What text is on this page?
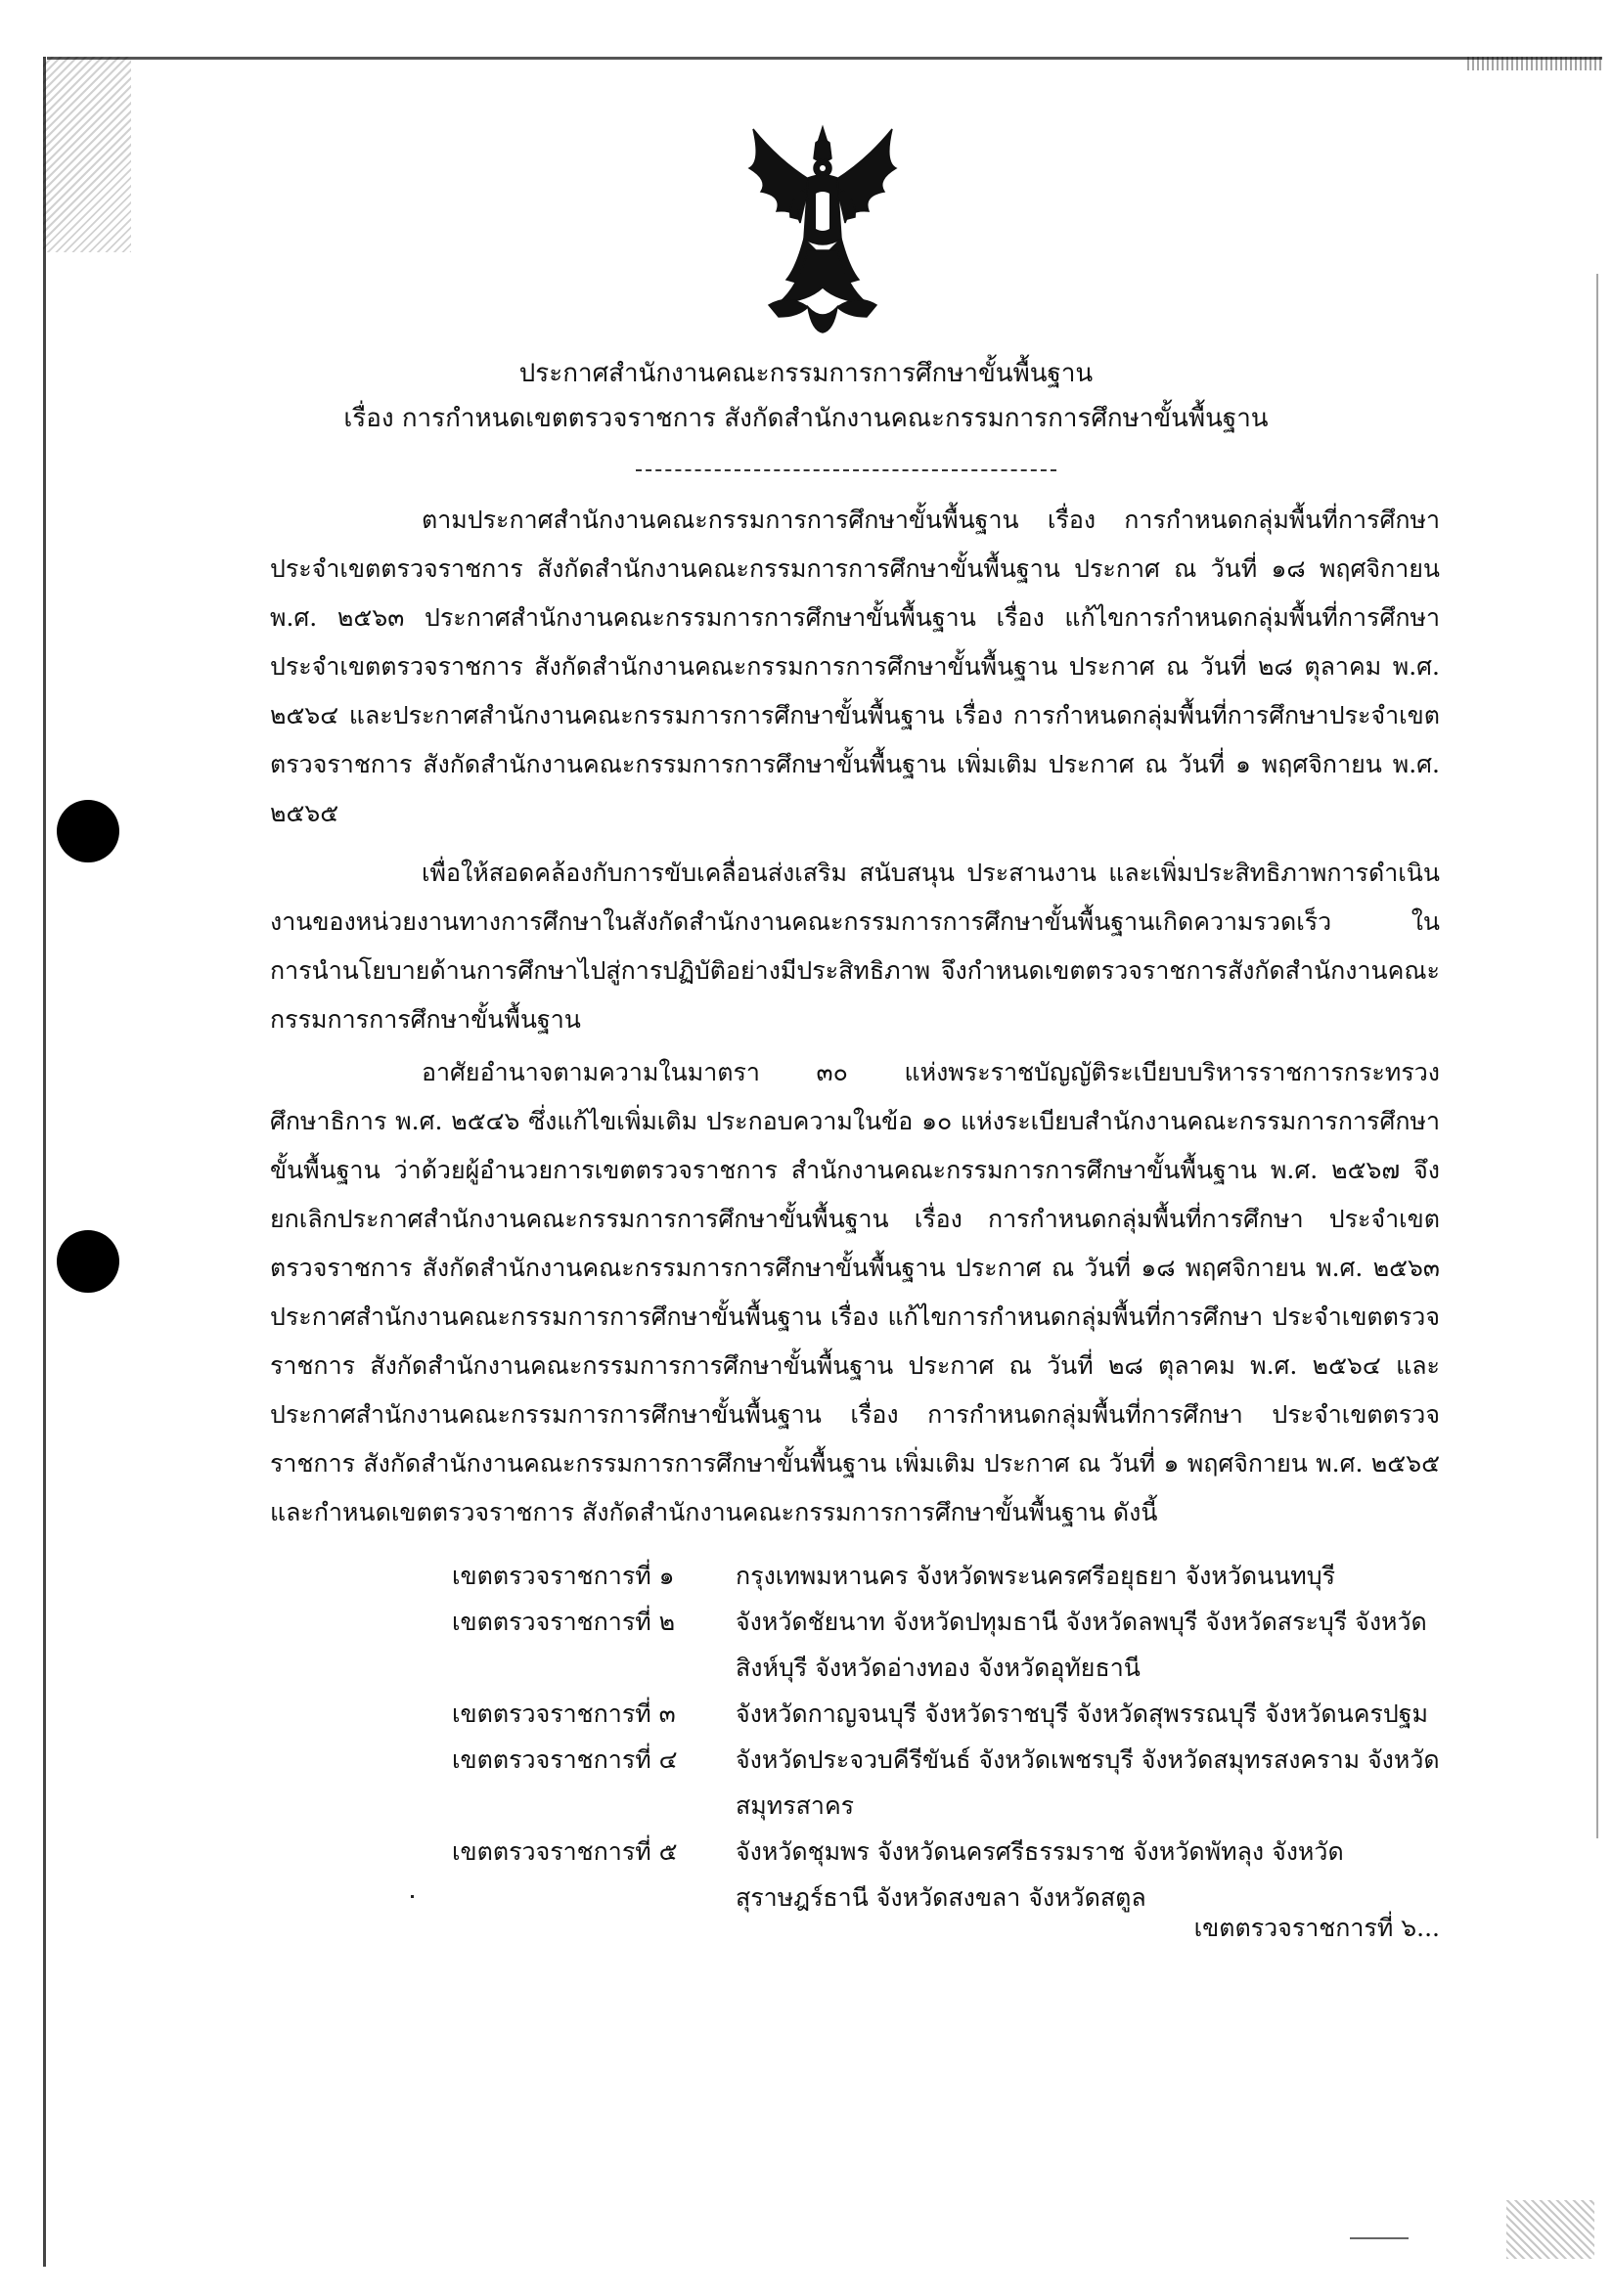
ประกาศสำนักงานคณะกรรมการการศึกษาขั้นพื้นฐาน
เรื่อง การกำหนดเขตตรวจราชการ สังกัดสำนักงานคณะกรรมการการศึกษาขั้นพื้นฐาน

ตามประกาศสำนักงานคณะกรรมการการศึกษาขั้นพื้นฐาน เรื่อง การกำหนดกลุ่มพื้นที่การศึกษาประจำเขตตรวจราชการ สังกัดสำนักงานคณะกรรมการการศึกษาขั้นพื้นฐาน ประกาศ ณ วันที่ ๑๘ พฤศจิกายน พ.ศ. ๒๕๖๓ ประกาศสำนักงานคณะกรรมการการศึกษาขั้นพื้นฐาน เรื่อง แก้ไขการกำหนดกลุ่มพื้นที่การศึกษาประจำเขตตรวจราชการ สังกัดสำนักงานคณะกรรมการการศึกษาขั้นพื้นฐาน ประกาศ ณ วันที่ ๒๘ ตุลาคม พ.ศ. ๒๕๖๔ และประกาศสำนักงานคณะกรรมการการศึกษาขั้นพื้นฐาน เรื่อง การกำหนดกลุ่มพื้นที่การศึกษาประจำเขตตรวจราชการ สังกัดสำนักงานคณะกรรมการการศึกษาขั้นพื้นฐาน เพิ่มเติม ประกาศ ณ วันที่ ๑ พฤศจิกายน พ.ศ. ๒๕๖๕

เพื่อให้สอดคล้องกับการขับเคลื่อนส่งเสริม สนับสนุน ประสานงาน และเพิ่มประสิทธิภาพการดำเนินงานของหน่วยงานทางการศึกษาในสังกัดสำนักงานคณะกรรมการการศึกษาขั้นพื้นฐานเกิดความรวดเร็ว ในการนำนโยบายด้านการศึกษาไปสู่การปฏิบัติอย่างมีประสิทธิภาพ จึงกำหนดเขตตรวจราชการสังกัดสำนักงานคณะกรรมการการศึกษาขั้นพื้นฐาน

อาศัยอำนาจตามความในมาตรา ๓๐ แห่งพระราชบัญญัติระเบียบบริหารราชการกระทรวงศึกษาธิการ พ.ศ. ๒๕๔๖ ซึ่งแก้ไขเพิ่มเติม ประกอบความในข้อ ๑๐ แห่งระเบียบสำนักงานคณะกรรมการการศึกษาขั้นพื้นฐาน ว่าด้วยผู้อำนวยการเขตตรวจราชการ สำนักงานคณะกรรมการการศึกษาขั้นพื้นฐาน พ.ศ. ๒๕๖๗ จึงยกเลิกประกาศสำนักงานคณะกรรมการการศึกษาขั้นพื้นฐาน เรื่อง การกำหนดกลุ่มพื้นที่การศึกษา ประจำเขตตรวจราชการ สังกัดสำนักงานคณะกรรมการการศึกษาขั้นพื้นฐาน ประกาศ ณ วันที่ ๑๘ พฤศจิกายน พ.ศ. ๒๕๖๓ ประกาศสำนักงานคณะกรรมการการศึกษาขั้นพื้นฐาน เรื่อง แก้ไขการกำหนดกลุ่มพื้นที่การศึกษา ประจำเขตตรวจราชการ สังกัดสำนักงานคณะกรรมการการศึกษาขั้นพื้นฐาน ประกาศ ณ วันที่ ๒๘ ตุลาคม พ.ศ. ๒๕๖๔ และประกาศสำนักงานคณะกรรมการการศึกษาขั้นพื้นฐาน เรื่อง การกำหนดกลุ่มพื้นที่การศึกษา ประจำเขตตรวจราชการ สังกัดสำนักงานคณะกรรมการการศึกษาขั้นพื้นฐาน เพิ่มเติม ประกาศ ณ วันที่ ๑ พฤศจิกายน พ.ศ. ๒๕๖๕ และกำหนดเขตตรวจราชการ สังกัดสำนักงานคณะกรรมการการศึกษาขั้นพื้นฐาน ดังนี้

เขตตรวจราชการที่ ๑	กรุงเทพมหานคร จังหวัดพระนครศรีอยุธยา จังหวัดนนทบุรี
เขตตรวจราชการที่ ๒	จังหวัดชัยนาท จังหวัดปทุมธานี จังหวัดลพบุรี จังหวัดสระบุรี จังหวัดสิงห์บุรี จังหวัดอ่างทอง จังหวัดอุทัยธานี
เขตตรวจราชการที่ ๓	จังหวัดกาญจนบุรี จังหวัดราชบุรี จังหวัดสุพรรณบุรี จังหวัดนครปฐม
เขตตรวจราชการที่ ๔	จังหวัดประจวบคีรีขันธ์ จังหวัดเพชรบุรี จังหวัดสมุทรสงคราม จังหวัดสมุทรสาคร
เขตตรวจราชการที่ ๕	จังหวัดชุมพร จังหวัดนครศรีธรรมราช จังหวัดพัทลุง จังหวัดสุราษฎร์ธานี จังหวัดสงขลา จังหวัดสตูล
เขตตรวจราชการที่ ๖...
